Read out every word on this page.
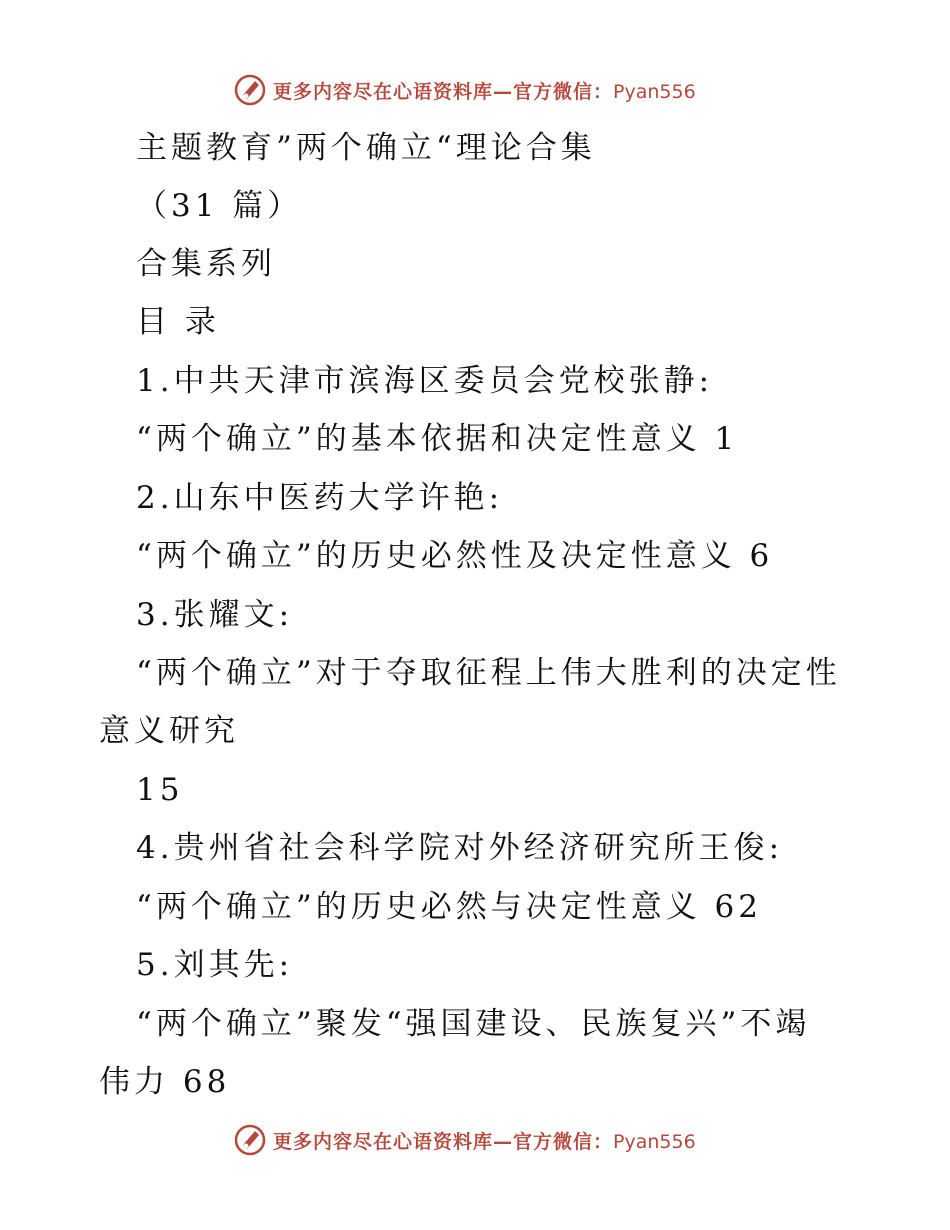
更多内容尽在心语资料库—官方微信：Pyan556
主题教育”两个确立“理论合集
（31 篇）
合集系列
目 录
1.中共天津市滨海区委员会党校张静:
“两个确立”的基本依据和决定性意义 1
2.山东中医药大学许艳:
“两个确立”的历史必然性及决定性意义 6
3.张耀文:
“两个确立”对于夺取征程上伟大胜利的决定性
意义研究
15
4.贵州省社会科学院对外经济研究所王俊:
“两个确立”的历史必然与决定性意义 62
5.刘其先:
“两个确立”聚发“强国建设、民族复兴”不竭
伟力 68
更多内容尽在心语资料库—官方微信：Pyan556
